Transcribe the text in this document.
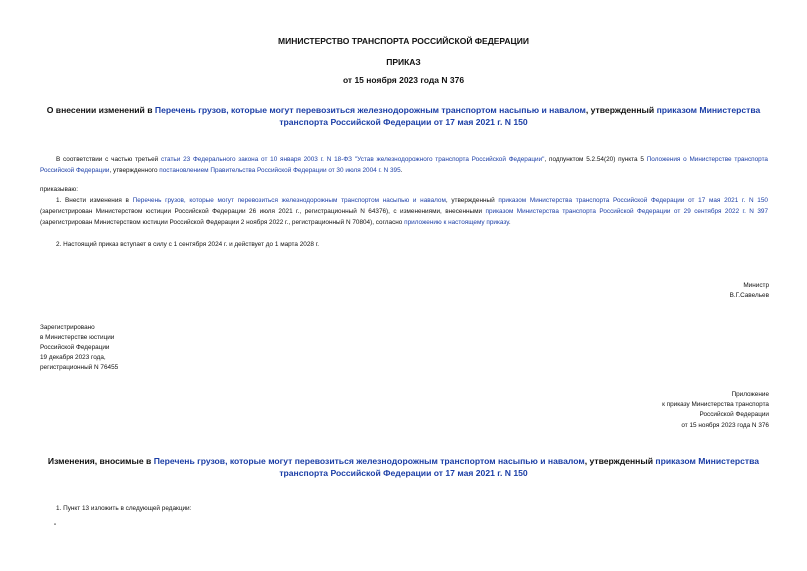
МИНИСТЕРСТВО ТРАНСПОРТА РОССИЙСКОЙ ФЕДЕРАЦИИ
ПРИКАЗ
от 15 ноября 2023 года N 376
О внесении изменений в Перечень грузов, которые могут перевозиться железнодорожным транспортом насыпью и навалом, утвержденный приказом Министерства транспорта Российской Федерации от 17 мая 2021 г. N 150
В соответствии с частью третьей статьи 23 Федерального закона от 10 января 2003 г. N 18-ФЗ "Устав железнодорожного транспорта Российской Федерации", подпунктом 5.2.54(20) пункта 5 Положения о Министерстве транспорта Российской Федерации, утвержденного постановлением Правительства Российской Федерации от 30 июля 2004 г. N 395.
приказываю:
1. Внести изменения в Перечень грузов, которые могут перевозиться железнодорожным транспортом насыпью и навалом, утвержденный приказом Министерства транспорта Российской Федерации от 17 мая 2021 г. N 150 (зарегистрирован Министерством юстиции Российской Федерации 26 июля 2021 г., регистрационный N 64376), с изменениями, внесенными приказом Министерства транспорта Российской Федерации от 29 сентября 2022 г. N 397 (зарегистрирован Министерством юстиции Российской Федерации 2 ноября 2022 г., регистрационный N 70804), согласно приложению к настоящему приказу.
2. Настоящий приказ вступает в силу с 1 сентября 2024 г. и действует до 1 марта 2028 г.
Министр
В.Г.Савельев
Зарегистрировано
в Министерстве юстиции
Российской Федерации
19 декабря 2023 года,
регистрационный N 76455
Приложение
к приказу Министерства транспорта
Российской Федерации
от 15 ноября 2023 года N 376
Изменения, вносимые в Перечень грузов, которые могут перевозиться железнодорожным транспортом насыпью и навалом, утвержденный приказом Министерства транспорта Российской Федерации от 17 мая 2021 г. N 150
1. Пункт 13 изложить в следующей редакции:
"
